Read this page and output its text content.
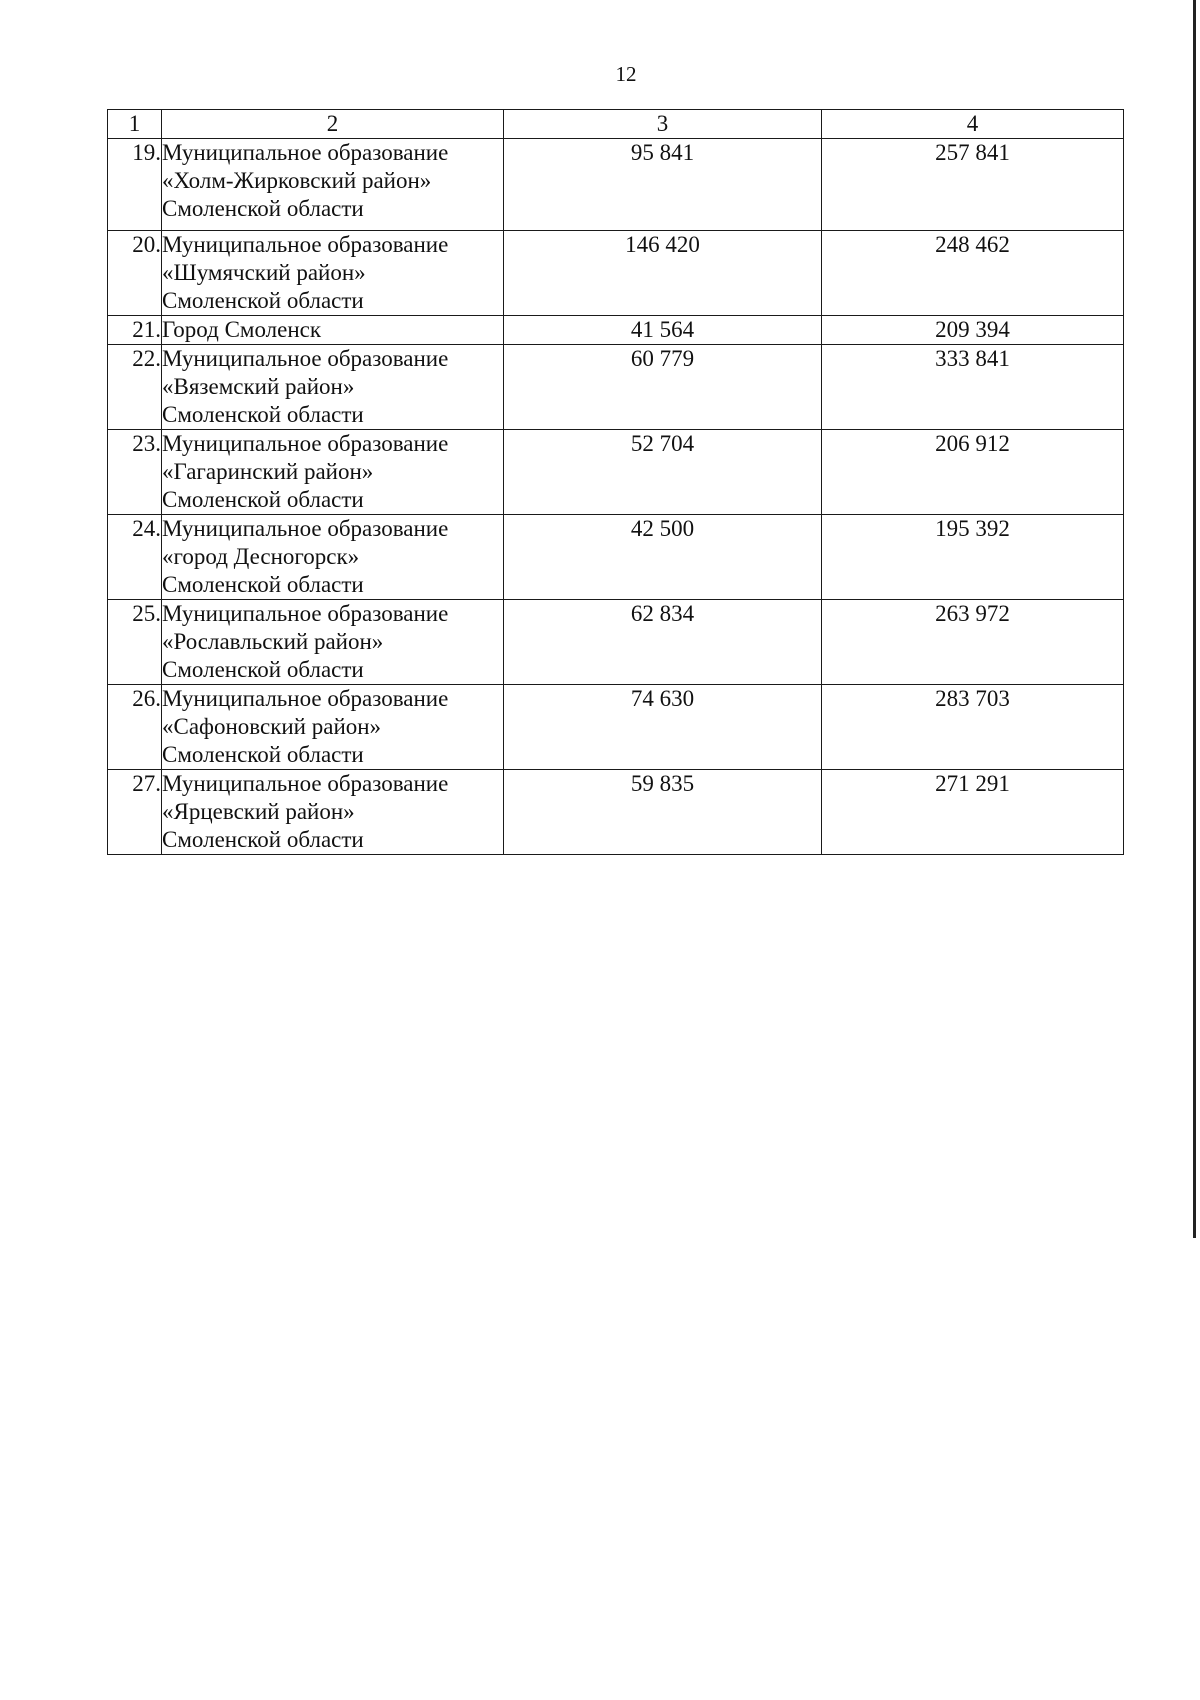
12
1	2	3	4
19.	Муниципальное образование
«Холм-Жирковский район»
Смоленской области	95 841	257 841
20.	Муниципальное образование
«Шумячский район»
Смоленской области	146 420	248 462
21.	Город Смоленск	41 564	209 394
22.	Муниципальное образование
«Вяземский район»
Смоленской области	60 779	333 841
23.	Муниципальное образование
«Гагаринский район»
Смоленской области	52 704	206 912
24.	Муниципальное образование
«город Десногорск»
Смоленской области	42 500	195 392
25.	Муниципальное образование
«Рославльский район»
Смоленской области	62 834	263 972
26.	Муниципальное образование
«Сафоновский район»
Смоленской области	74 630	283 703
27.	Муниципальное образование
«Ярцевский район»
Смоленской области	59 835	271 291
